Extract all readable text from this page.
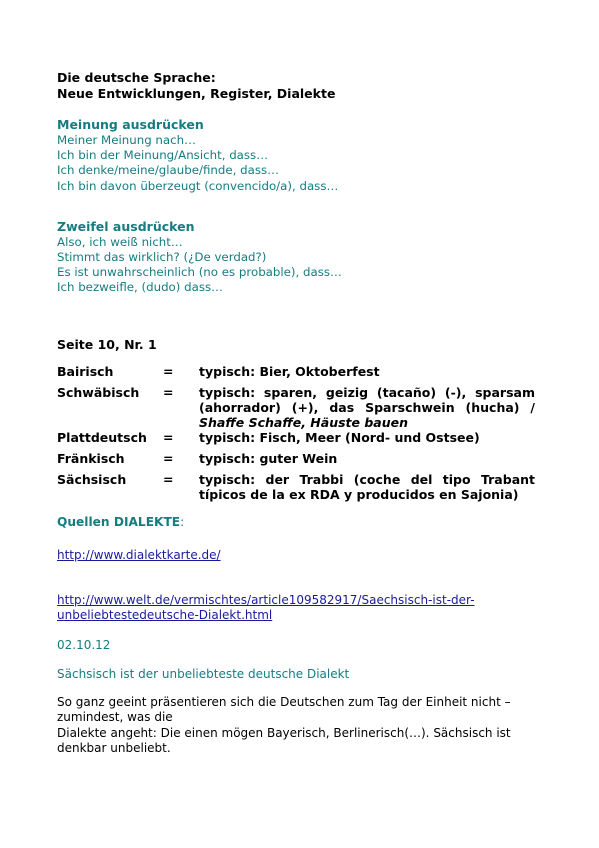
Die deutsche Sprache:
Neue Entwicklungen, Register, Dialekte
Meinung ausdrücken
Meiner Meinung nach…
Ich bin der Meinung/Ansicht, dass…
Ich denke/meine/glaube/finde, dass…
Ich bin davon überzeugt (convencido/a), dass…
Zweifel ausdrücken
Also, ich weiß nicht…
Stimmt das wirklich? (¿De verdad?)
Es ist unwahrscheinlich (no es probable), dass…
Ich bezweifle, (dudo) dass…
Seite 10, Nr. 1
Bairisch	=	typisch: Bier, Oktoberfest
Schwäbisch	=	typisch: sparen, geizig (tacaño) (-), sparsam (ahorrador) (+), das Sparschwein (hucha) / Shaffe Schaffe, Häuste bauen
Plattdeutsch	=	typisch: Fisch, Meer (Nord- und Ostsee)
Fränkisch	=	typisch: guter Wein
Sächsisch	=	typisch: der Trabbi (coche del tipo Trabant típicos de la ex RDA y producidos en Sajonia)
Quellen DIALEKTE:
http://www.dialektkarte.de/
http://www.welt.de/vermischtes/article109582917/Saechsisch-ist-der-unbeliebtestedeutsche-Dialekt.html
02.10.12
Sächsisch ist der unbeliebteste deutsche Dialekt
So ganz geeint präsentieren sich die Deutschen zum Tag der Einheit nicht – zumindest, was die
Dialekte angeht: Die einen mögen Bayerisch, Berlinerisch(…). Sächsisch ist denkbar unbeliebt.
